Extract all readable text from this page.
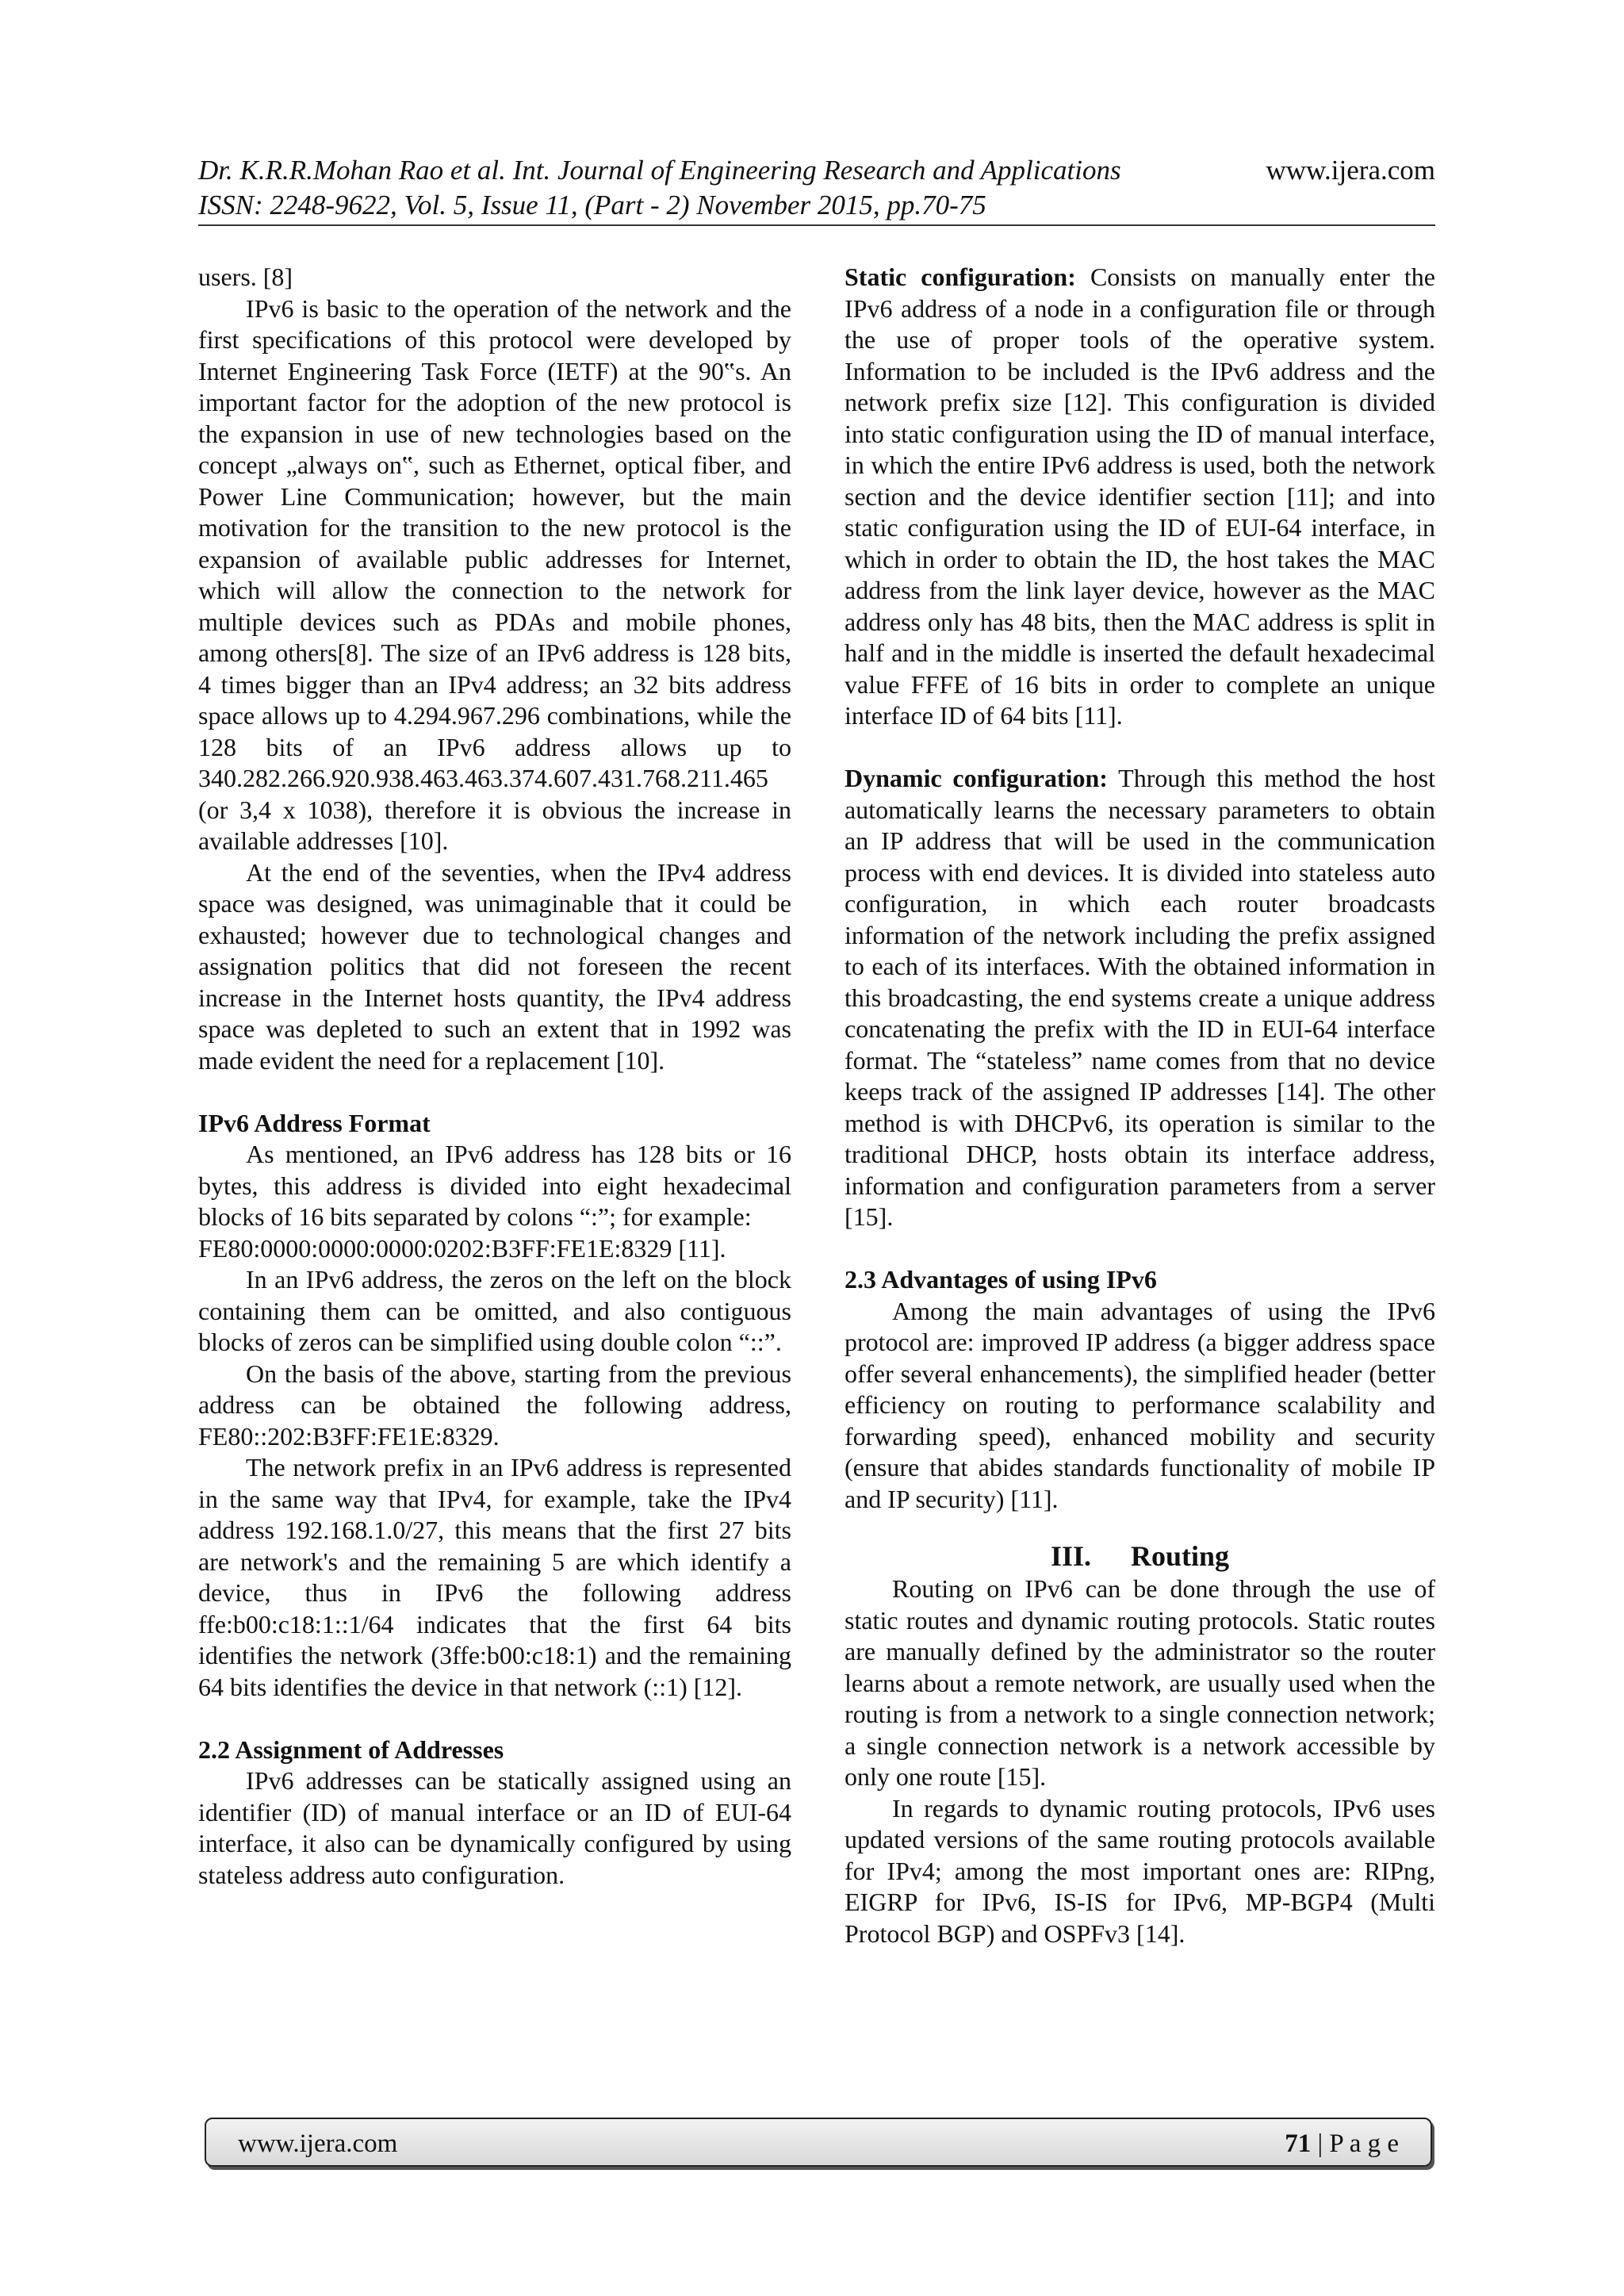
Dr. K.R.R.Mohan Rao et al. Int. Journal of Engineering Research and Applications	www.ijera.com
ISSN: 2248-9622, Vol. 5, Issue 11, (Part - 2) November 2015, pp.70-75

users. [8]

IPv6 is basic to the operation of the network and the first specifications of this protocol were developed by Internet Engineering Task Force (IETF) at the 90‟s. An important factor for the adoption of the new protocol is the expansion in use of new technologies based on the concept „always on‟, such as Ethernet, optical fiber, and Power Line Communication; however, but the main motivation for the transition to the new protocol is the expansion of available public addresses for Internet, which will allow the connection to the network for multiple devices such as PDAs and mobile phones, among others[8]. The size of an IPv6 address is 128 bits, 4 times bigger than an IPv4 address; an 32 bits address space allows up to 4.294.967.296 combinations, while the 128 bits of an IPv6 address allows up to 340.282.266.920.938.463.463.374.607.431.768.211.465 (or 3,4 x 1038), therefore it is obvious the increase in available addresses [10].

At the end of the seventies, when the IPv4 address space was designed, was unimaginable that it could be exhausted; however due to technological changes and assignation politics that did not foreseen the recent increase in the Internet hosts quantity, the IPv4 address space was depleted to such an extent that in 1992 was made evident the need for a replacement [10].

IPv6 Address Format

As mentioned, an IPv6 address has 128 bits or 16 bytes, this address is divided into eight hexadecimal blocks of 16 bits separated by colons “:”; for example:

FE80:0000:0000:0000:0202:B3FF:FE1E:8329 [11].

In an IPv6 address, the zeros on the left on the block containing them can be omitted, and also contiguous blocks of zeros can be simplified using double colon “::”.

On the basis of the above, starting from the previous address can be obtained the following address, FE80::202:B3FF:FE1E:8329.

The network prefix in an IPv6 address is represented in the same way that IPv4, for example, take the IPv4 address 192.168.1.0/27, this means that the first 27 bits are network's and the remaining 5 are which identify a device, thus in IPv6 the following address ffe:b00:c18:1::1/64 indicates that the first 64 bits identifies the network (3ffe:b00:c18:1) and the remaining 64 bits identifies the device in that network (::1) [12].

2.2 Assignment of Addresses

IPv6 addresses can be statically assigned using an identifier (ID) of manual interface or an ID of EUI-64 interface, it also can be dynamically configured by using stateless address auto configuration.

Static configuration: Consists on manually enter the IPv6 address of a node in a configuration file or through the use of proper tools of the operative system. Information to be included is the IPv6 address and the network prefix size [12]. This configuration is divided into static configuration using the ID of manual interface, in which the entire IPv6 address is used, both the network section and the device identifier section [11]; and into static configuration using the ID of EUI-64 interface, in which in order to obtain the ID, the host takes the MAC address from the link layer device, however as the MAC address only has 48 bits, then the MAC address is split in half and in the middle is inserted the default hexadecimal value FFFE of 16 bits in order to complete an unique interface ID of 64 bits [11].

Dynamic configuration: Through this method the host automatically learns the necessary parameters to obtain an IP address that will be used in the communication process with end devices. It is divided into stateless auto configuration, in which each router broadcasts information of the network including the prefix assigned to each of its interfaces. With the obtained information in this broadcasting, the end systems create a unique address concatenating the prefix with the ID in EUI-64 interface format. The “stateless” name comes from that no device keeps track of the assigned IP addresses [14]. The other method is with DHCPv6, its operation is similar to the traditional DHCP, hosts obtain its interface address, information and configuration parameters from a server [15].

2.3 Advantages of using IPv6

Among the main advantages of using the IPv6 protocol are: improved IP address (a bigger address space offer several enhancements), the simplified header (better efficiency on routing to performance scalability and forwarding speed), enhanced mobility and security (ensure that abides standards functionality of mobile IP and IP security) [11].

III. Routing

Routing on IPv6 can be done through the use of static routes and dynamic routing protocols. Static routes are manually defined by the administrator so the router learns about a remote network, are usually used when the routing is from a network to a single connection network; a single connection network is a network accessible by only one route [15].

In regards to dynamic routing protocols, IPv6 uses updated versions of the same routing protocols available for IPv4; among the most important ones are: RIPng, EIGRP for IPv6, IS-IS for IPv6, MP-BGP4 (Multi Protocol BGP) and OSPFv3 [14].

www.ijera.com	71 | P a g e
